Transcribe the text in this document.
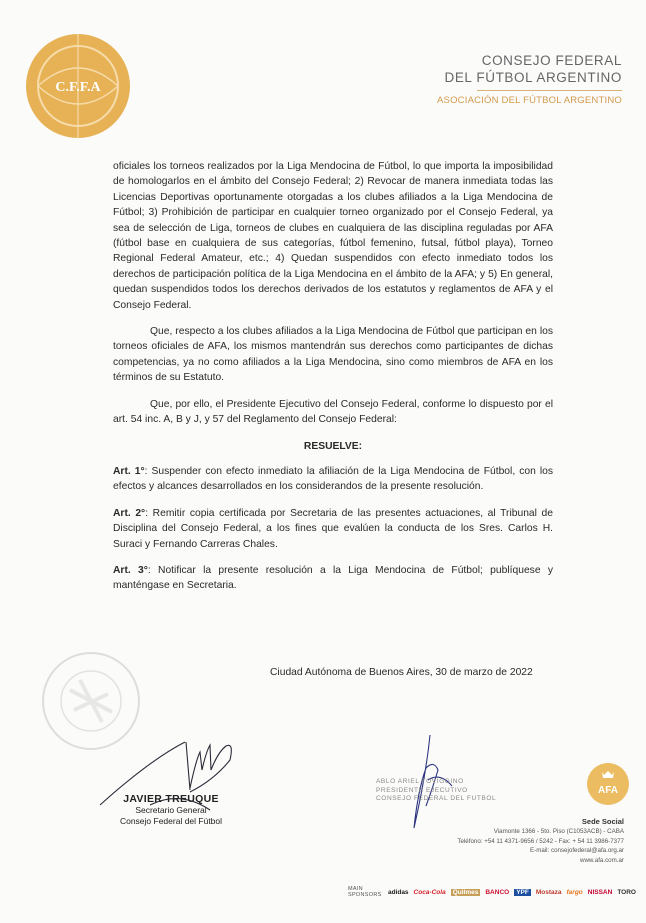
C.F.F.A
CONSEJO FEDERAL
DEL FÚTBOL ARGENTINO
ASOCIACIÓN DEL FÚTBOL ARGENTINO

oficiales los torneos realizados por la Liga Mendocina de Fútbol, lo que importa la imposibilidad de homologarlos en el ámbito del Consejo Federal; 2) Revocar de manera inmediata todas las Licencias Deportivas oportunamente otorgadas a los clubes afiliados a la Liga Mendocina de Fútbol; 3) Prohibición de participar en cualquier torneo organizado por el Consejo Federal, ya sea de selección de Liga, torneos de clubes en cualquiera de las disciplina reguladas por AFA (fútbol base en cualquiera de sus categorías, fútbol femenino, futsal, fútbol playa), Torneo Regional Federal Amateur, etc.; 4) Quedan suspendidos con efecto inmediato todos los derechos de participación política de la Liga Mendocina en el ámbito de la AFA; y 5) En general, quedan suspendidos todos los derechos derivados de los estatutos y reglamentos de AFA y el Consejo Federal.

Que, respecto a los clubes afiliados a la Liga Mendocina de Fútbol que participan en los torneos oficiales de AFA, los mismos mantendrán sus derechos como participantes de dichas competencias, ya no como afiliados a la Liga Mendocina, sino como miembros de AFA en los términos de su Estatuto.

Que, por ello, el Presidente Ejecutivo del Consejo Federal, conforme lo dispuesto por el art. 54 inc. A, B y J, y 57 del Reglamento del Consejo Federal:

RESUELVE:

Art. 1°: Suspender con efecto inmediato la afiliación de la Liga Mendocina de Fútbol, con los efectos y alcances desarrollados en los considerandos de la presente resolución.

Art. 2°: Remitir copia certificada por Secretaria de las presentes actuaciones, al Tribunal de Disciplina del Consejo Federal, a los fines que evalúen la conducta de los Sres. Carlos H. Suraci y Fernando Carreras Chales.

Art. 3°: Notificar la presente resolución a la Liga Mendocina de Fútbol; publíquese y manténgase en Secretaria.

Ciudad Autónoma de Buenos Aires, 30 de marzo de 2022
JAVIER TREUQUE
Secretario General
Consejo Federal del Fútbol
ABLO ARIEL TOVIGGINO
PRESIDENTE EJECUTIVO
CONSEJO FEDERAL DEL FUTBOL
AFA
Sede Social
Viamonte 1366 - 5to. Piso (C1053ACB) - CABA
Teléfono: +54 11 4371-9656 / 5242 - Fax: + 54 11 3986-7377
E-mail: consejofederal@afa.org.ar
www.afa.com.ar
MAIN SPONSORS adidas Coca-Cola	Quilmes	BANCO	YPF	Mostaza fargo NISSAN TORO
